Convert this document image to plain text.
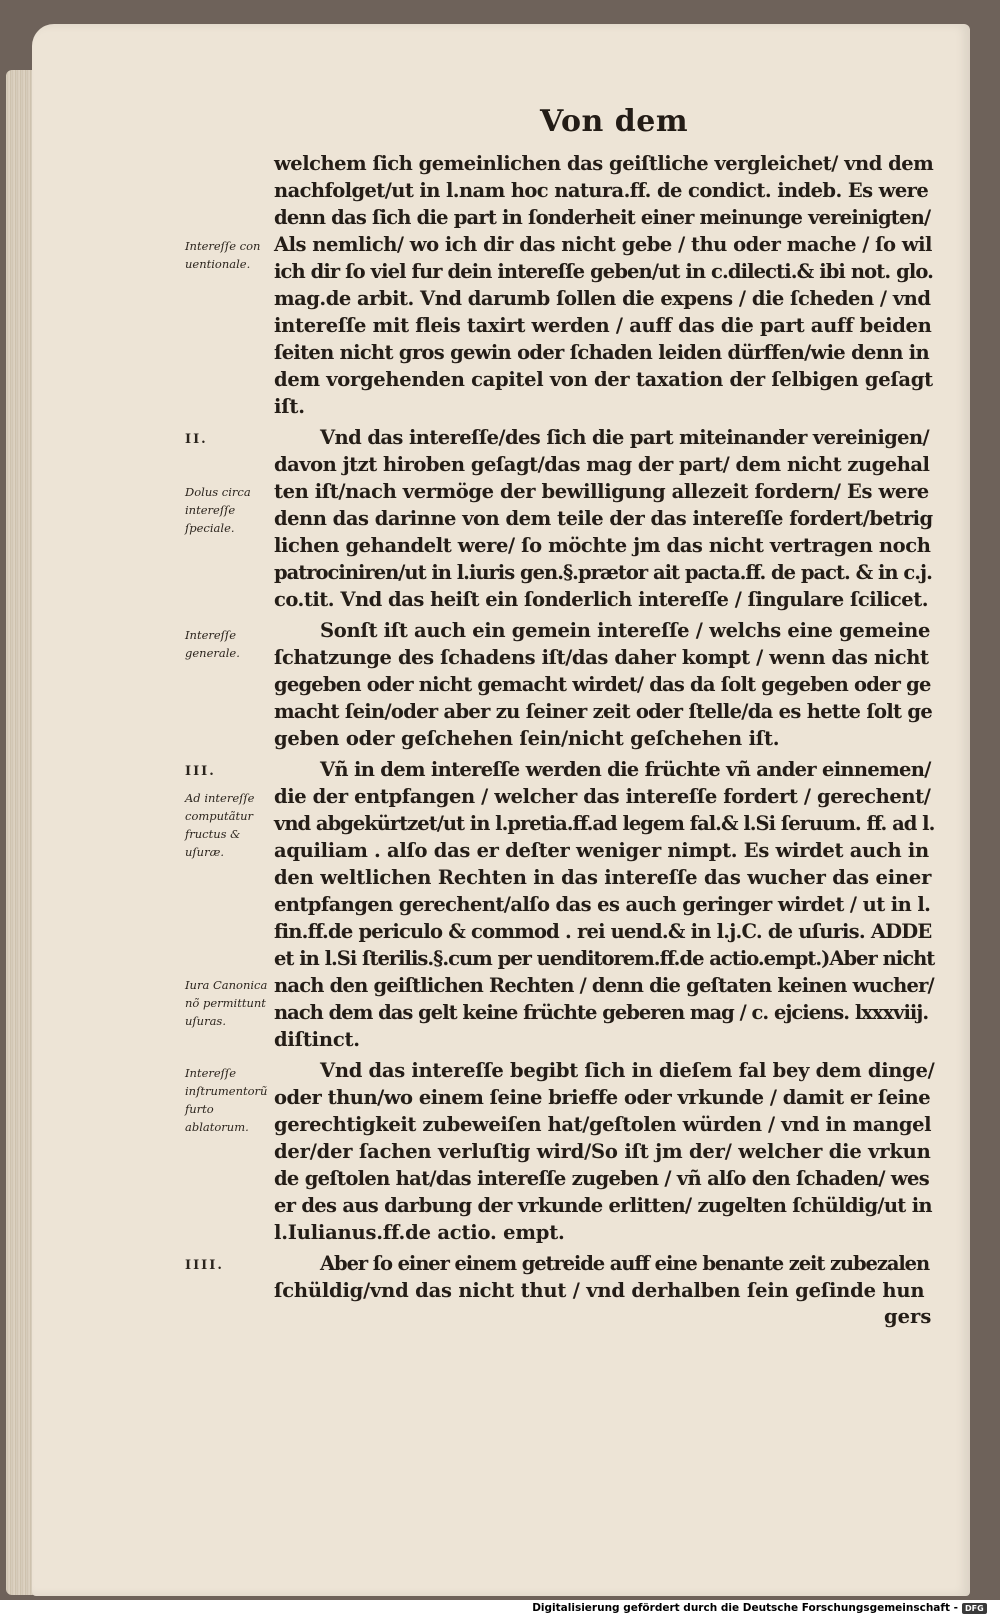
Von dem
welchem ſich gemeinlichen das geiſtliche vergleichet/ vnd dem
nachfolget/ut in l.nam hoc natura.ff. de condict. indeb. Es were
denn das ſich die part in ſonderheit einer meinunge vereinigten/
Als nemlich/ wo ich dir das nicht gebe / thu oder mache / ſo wil
ich dir ſo viel fur dein intereſſe geben/ut in c.dilecti.& ibi not. glo.
mag.de arbit. Vnd darumb ſollen die expens / die ſcheden / vnd
intereſſe mit fleis taxirt werden / auff das die part auff beiden
ſeiten nicht gros gewin oder ſchaden leiden dürffen/wie denn in
dem vorgehenden capitel von der taxation der ſelbigen geſagt
iſt.
Vnd das intereſſe/des ſich die part miteinander vereinigen/
davon jtzt hiroben geſagt/das mag der part/ dem nicht zugehal
ten iſt/nach vermöge der bewilligung allezeit fordern/ Es were
denn das darinne von dem teile der das intereſſe fordert/betrig
lichen gehandelt were/ ſo möchte jm das nicht vertragen noch
patrociniren/ut in l.iuris gen.§.prætor ait pacta.ff. de pact. & in c.j.
co.tit. Vnd das heiſt ein ſonderlich intereſſe / ſingulare ſcilicet.
Sonſt iſt auch ein gemein intereſſe / welchs eine gemeine
ſchatzunge des ſchadens iſt/das daher kompt / wenn das nicht
gegeben oder nicht gemacht wirdet/ das da ſolt gegeben oder ge
macht ſein/oder aber zu ſeiner zeit oder ſtelle/da es hette ſolt ge
geben oder geſchehen ſein/nicht geſchehen iſt.
Vñ in dem intereſſe werden die früchte vñ ander einnemen/
die der entpfangen / welcher das intereſſe fordert / gerechent/
vnd abgekürtzet/ut in l.pretia.ff.ad legem fal.& l.Si ſeruum. ff. ad l.
aquiliam . alſo das er deſter weniger nimpt. Es wirdet auch in
den weltlichen Rechten in das intereſſe das wucher das einer
entpfangen gerechent/alſo das es auch geringer wirdet / ut in l.
fin.ff.de periculo & commod . rei uend.& in l.j.C. de uſuris. ADDE
et in l.Si ſterilis.§.cum per uenditorem.ff.de actio.empt.)Aber nicht
nach den geiſtlichen Rechten / denn die geſtaten keinen wucher/
nach dem das gelt keine früchte geberen mag / c. ejciens. lxxxviij.
diſtinct.
Vnd das intereſſe begibt ſich in dieſem fal bey dem dinge/
oder thun/wo einem ſeine brieffe oder vrkunde / damit er ſeine
gerechtigkeit zubeweiſen hat/geſtolen würden / vnd in mangel
der/der ſachen verluſtig wird/So iſt jm der/ welcher die vrkun
de geſtolen hat/das intereſſe zugeben / vñ alſo den ſchaden/ wes
er des aus darbung der vrkunde erlitten/ zugelten ſchüldig/ut in
l.Iulianus.ff.de actio. empt.
Aber ſo einer einem getreide auff eine benante zeit zubezalen
ſchüldig/vnd das nicht thut / vnd derhalben ſein geſinde hun
gers
Intereſſe con uentionale.
Dolus circa intereſſe ſpeciale.
Intereſſe generale.
Ad intereſſe computãtur fructus & uſuræ.
Iura Canonica nõ permittunt uſuras.
Intereſſe inſtrumentorũ furto ablatorum.
II.
III.
IIII.
Digitalisierung gefördert durch die Deutsche Forschungsgemeinschaft - DFG
